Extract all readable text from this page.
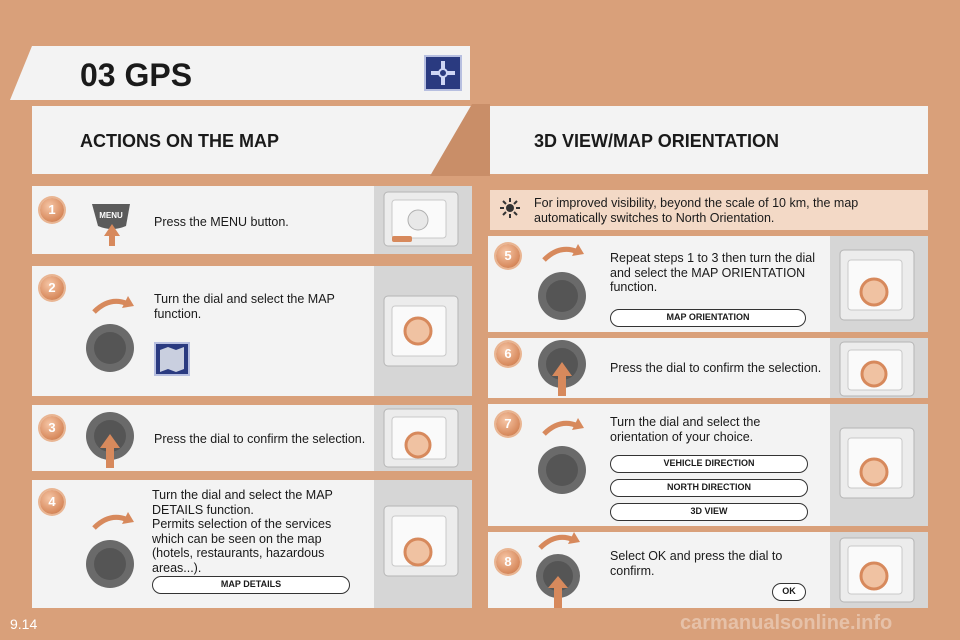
03 GPS
ACTIONS ON THE MAP	3D VIEW/MAP ORIENTATION
1	MENU Press the MENU button.
2
Turn the dial and select the MAP function.
3
Press the dial to confirm the selection.
4	Turn the dial and select the MAP DETAILS function.
Permits selection of the services which can be seen on the map (hotels, restaurants, hazardous areas...).
MAP DETAILS
For improved visibility, beyond the scale of 10 km, the map automatically switches to North Orientation.
5	Repeat steps 1 to 3 then turn the dial and select the MAP ORIENTATION function.
MAP ORIENTATION
6
Press the dial to confirm the selection.
7	Turn the dial and select the orientation of your choice.
VEHICLE DIRECTION
NORTH DIRECTION
3D VIEW
8	Select OK and press the dial to confirm.
OK
9.14	carmanualsonline.info
